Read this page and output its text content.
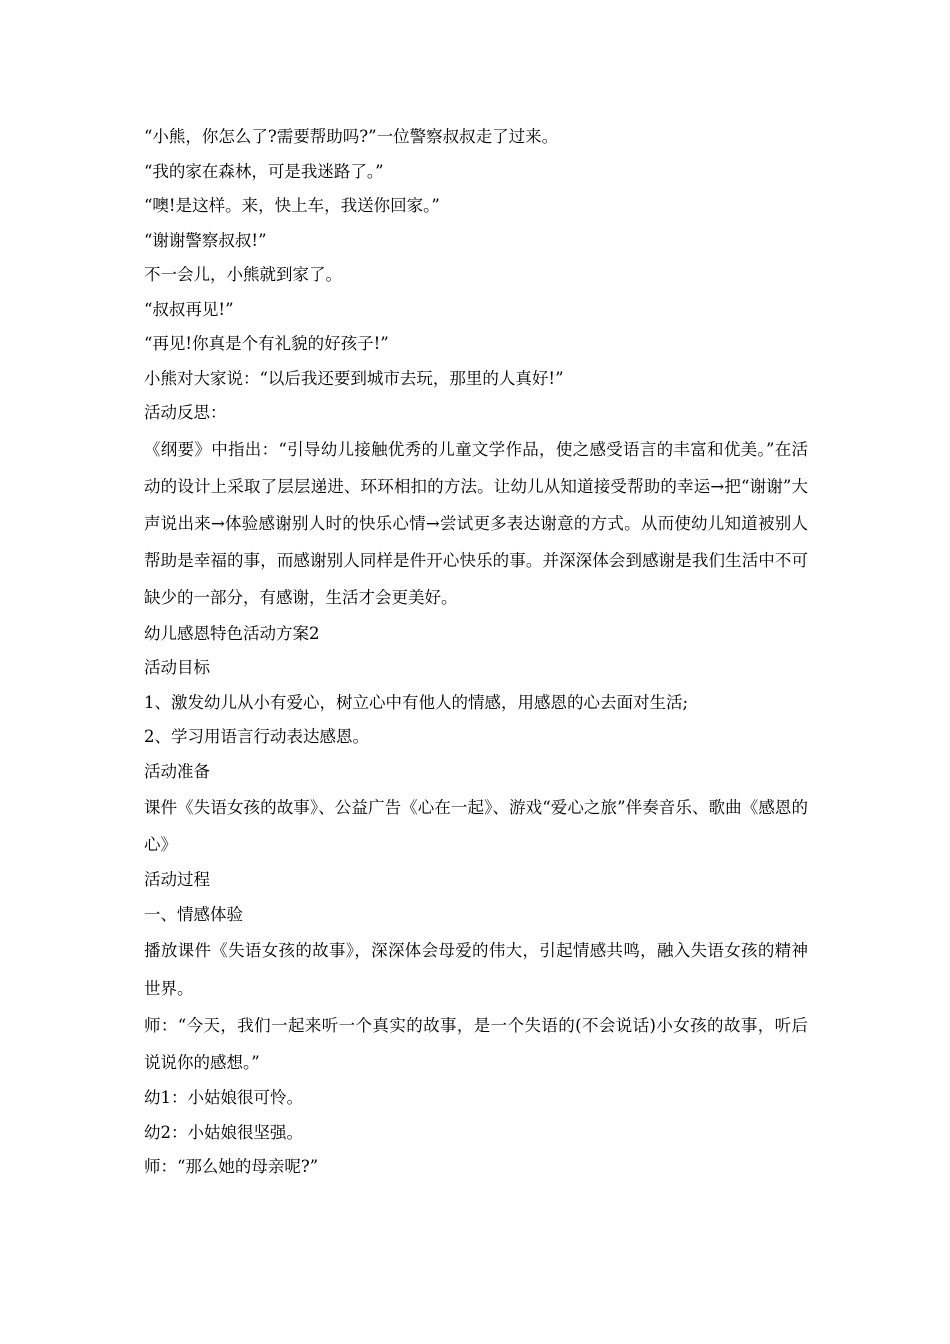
“小熊，你怎么了?需要帮助吗?”一位警察叔叔走了过来。
“我的家在森林，可是我迷路了。”
“噢!是这样。来，快上车，我送你回家。”
“谢谢警察叔叔!”
不一会儿，小熊就到家了。
“叔叔再见!”
“再见!你真是个有礼貌的好孩子!”
小熊对大家说：“以后我还要到城市去玩，那里的人真好!”
活动反思：

《纲要》中指出：“引导幼儿接触优秀的儿童文学作品，使之感受语言的丰富和优美。”在活动的设计上采取了层层递进、环环相扣的方法。让幼儿从知道接受帮助的幸运→把“谢谢”大声说出来→体验感谢别人时的快乐心情→尝试更多表达谢意的方式。从而使幼儿知道被别人帮助是幸福的事，而感谢别人同样是件开心快乐的事。并深深体会到感谢是我们生活中不可缺少的一部分，有感谢，生活才会更美好。

幼儿感恩特色活动方案2
活动目标
1、激发幼儿从小有爱心，树立心中有他人的情感，用感恩的心去面对生活;
2、学习用语言行动表达感恩。
活动准备

课件《失语女孩的故事》、公益广告《心在一起》、游戏“爱心之旅”伴奏音乐、歌曲《感恩的心》

活动过程
一、情感体验

播放课件《失语女孩的故事》，深深体会母爱的伟大，引起情感共鸣，融入失语女孩的精神世界。

师：“今天，我们一起来听一个真实的故事，是一个失语的(不会说话)小女孩的故事，听后说说你的感想。”

幼1：小姑娘很可怜。
幼2：小姑娘很坚强。
师：“那么她的母亲呢?”
